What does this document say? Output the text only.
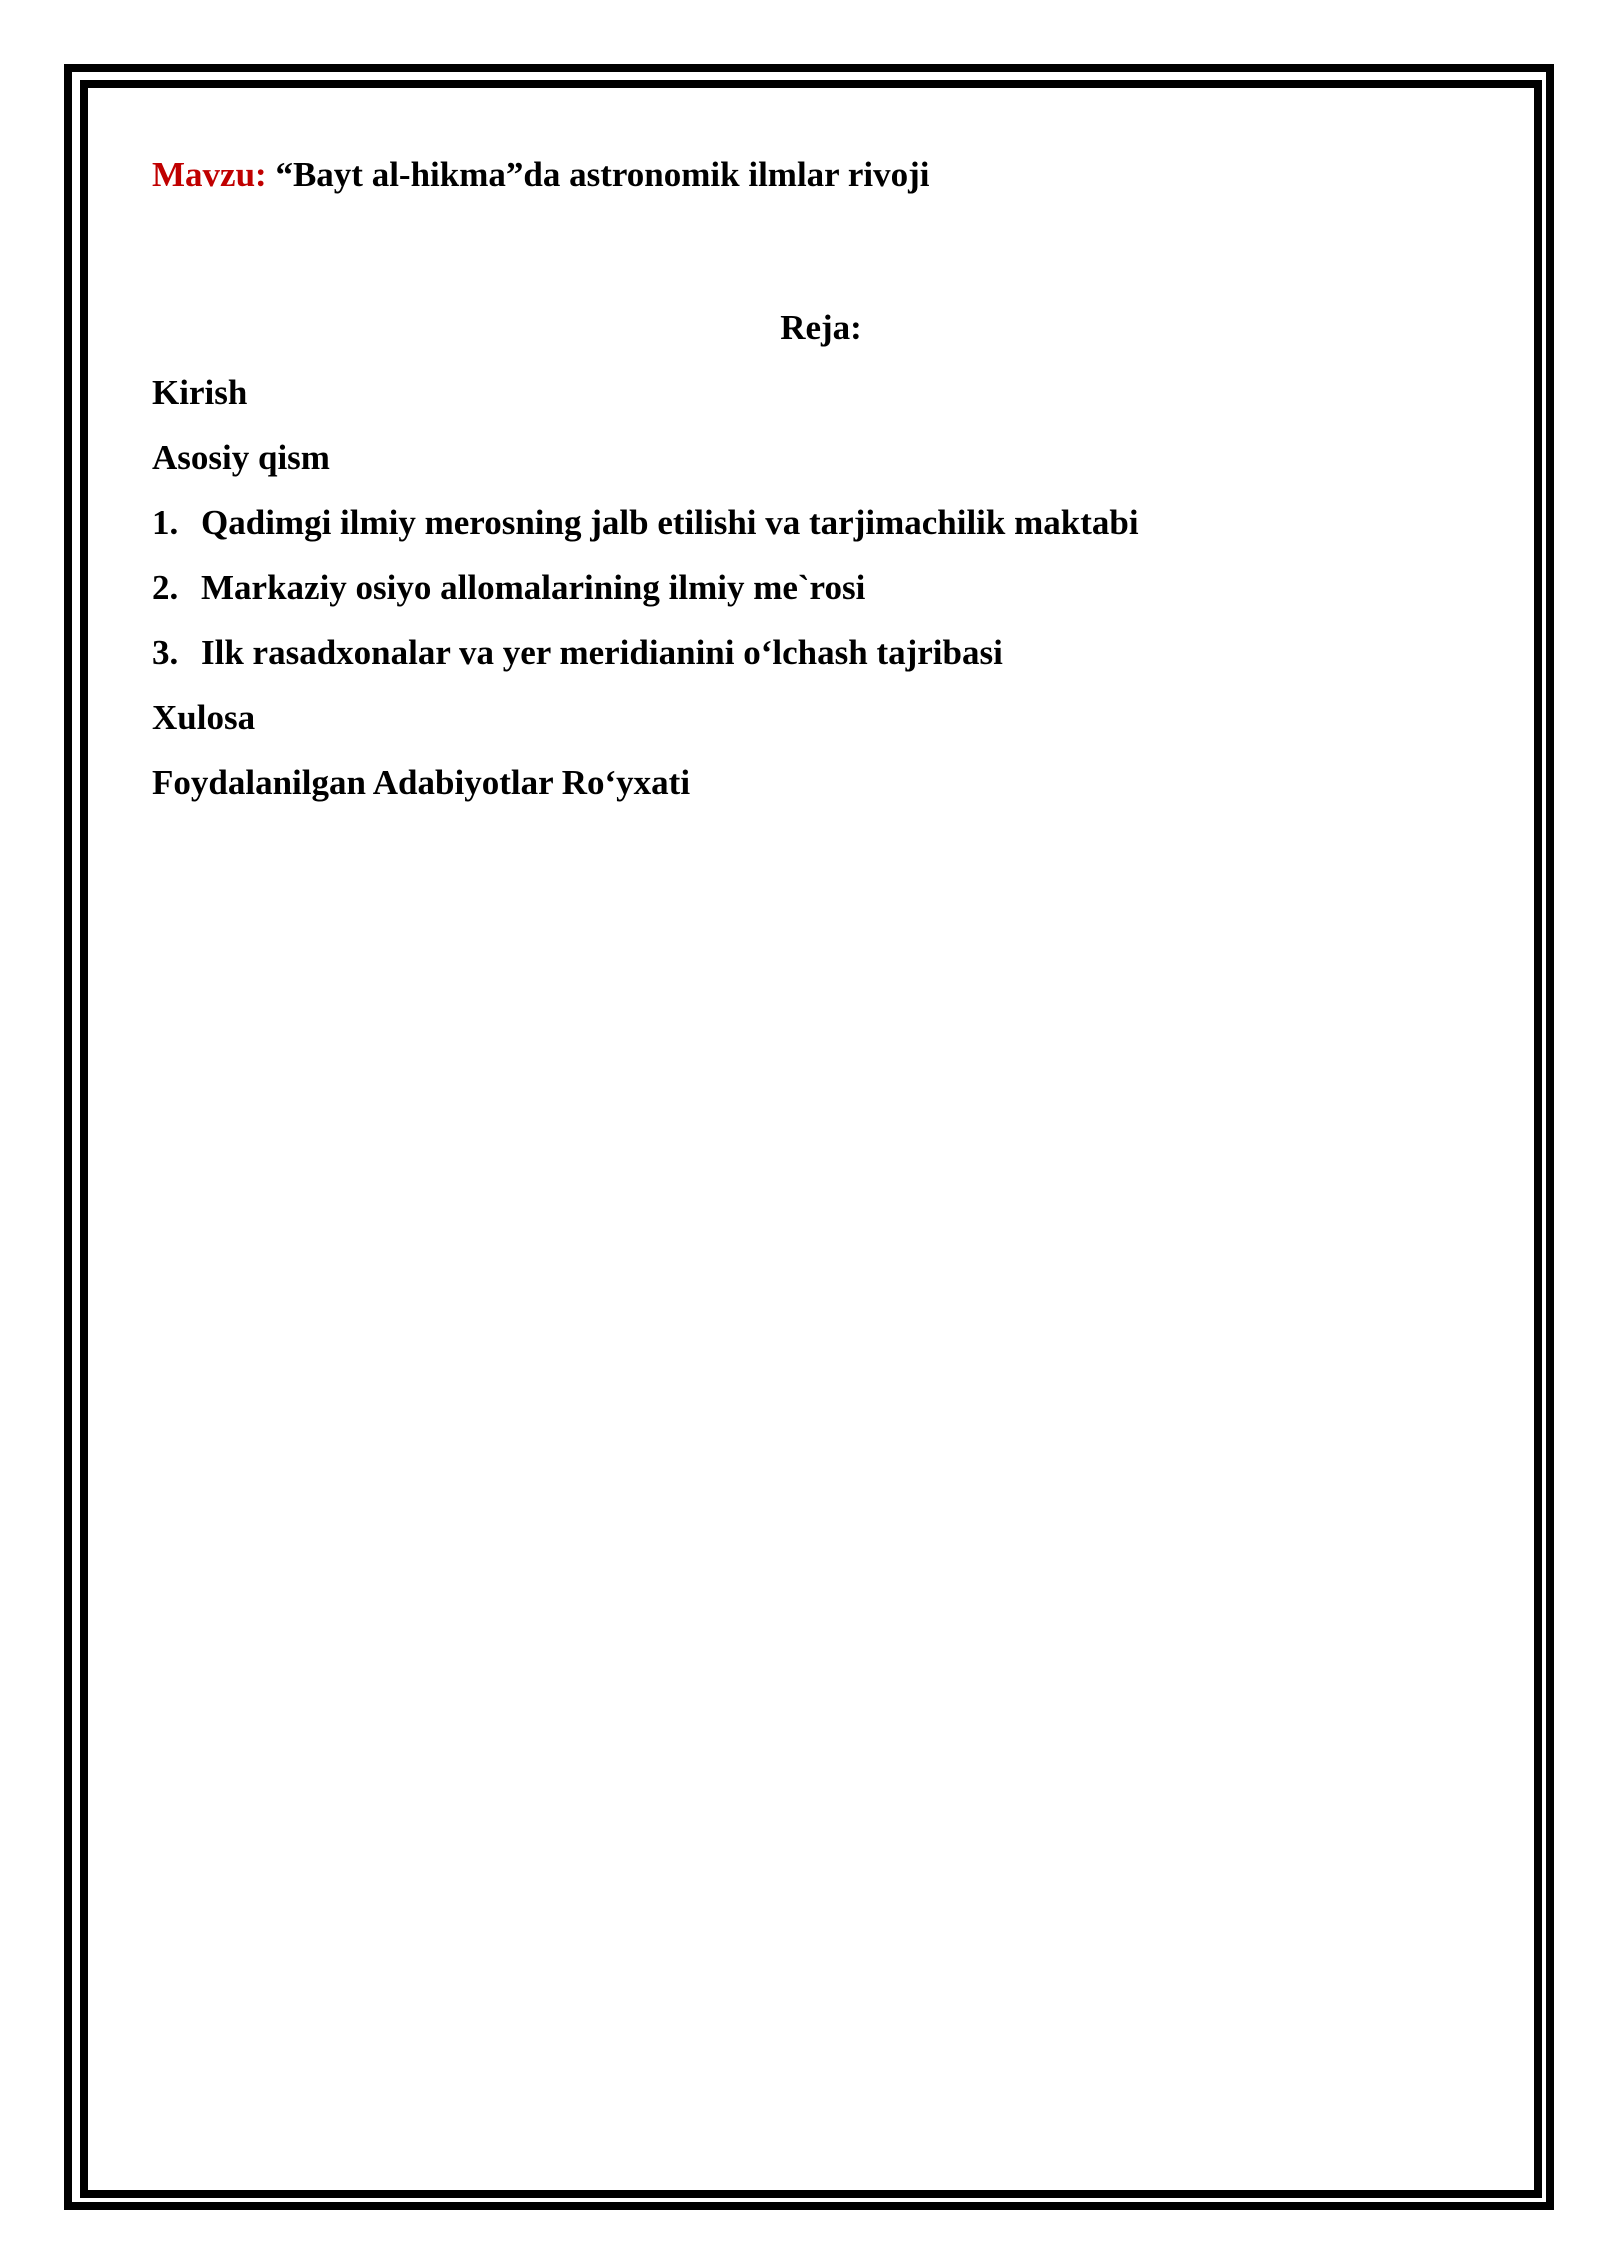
Mavzu: “Bayt al-hikma”da astronomik ilmlar rivoji
Reja:
Kirish
Asosiy qism
1. Qadimgi ilmiy merosning jalb etilishi va tarjimachilik maktabi
2. Markaziy osiyo allomalarining ilmiy me`rosi
3. Ilk rasadxonalar va yer meridianini o‘lchash tajribasi
Xulosa
Foydalanilgan Adabiyotlar Ro‘yxati
